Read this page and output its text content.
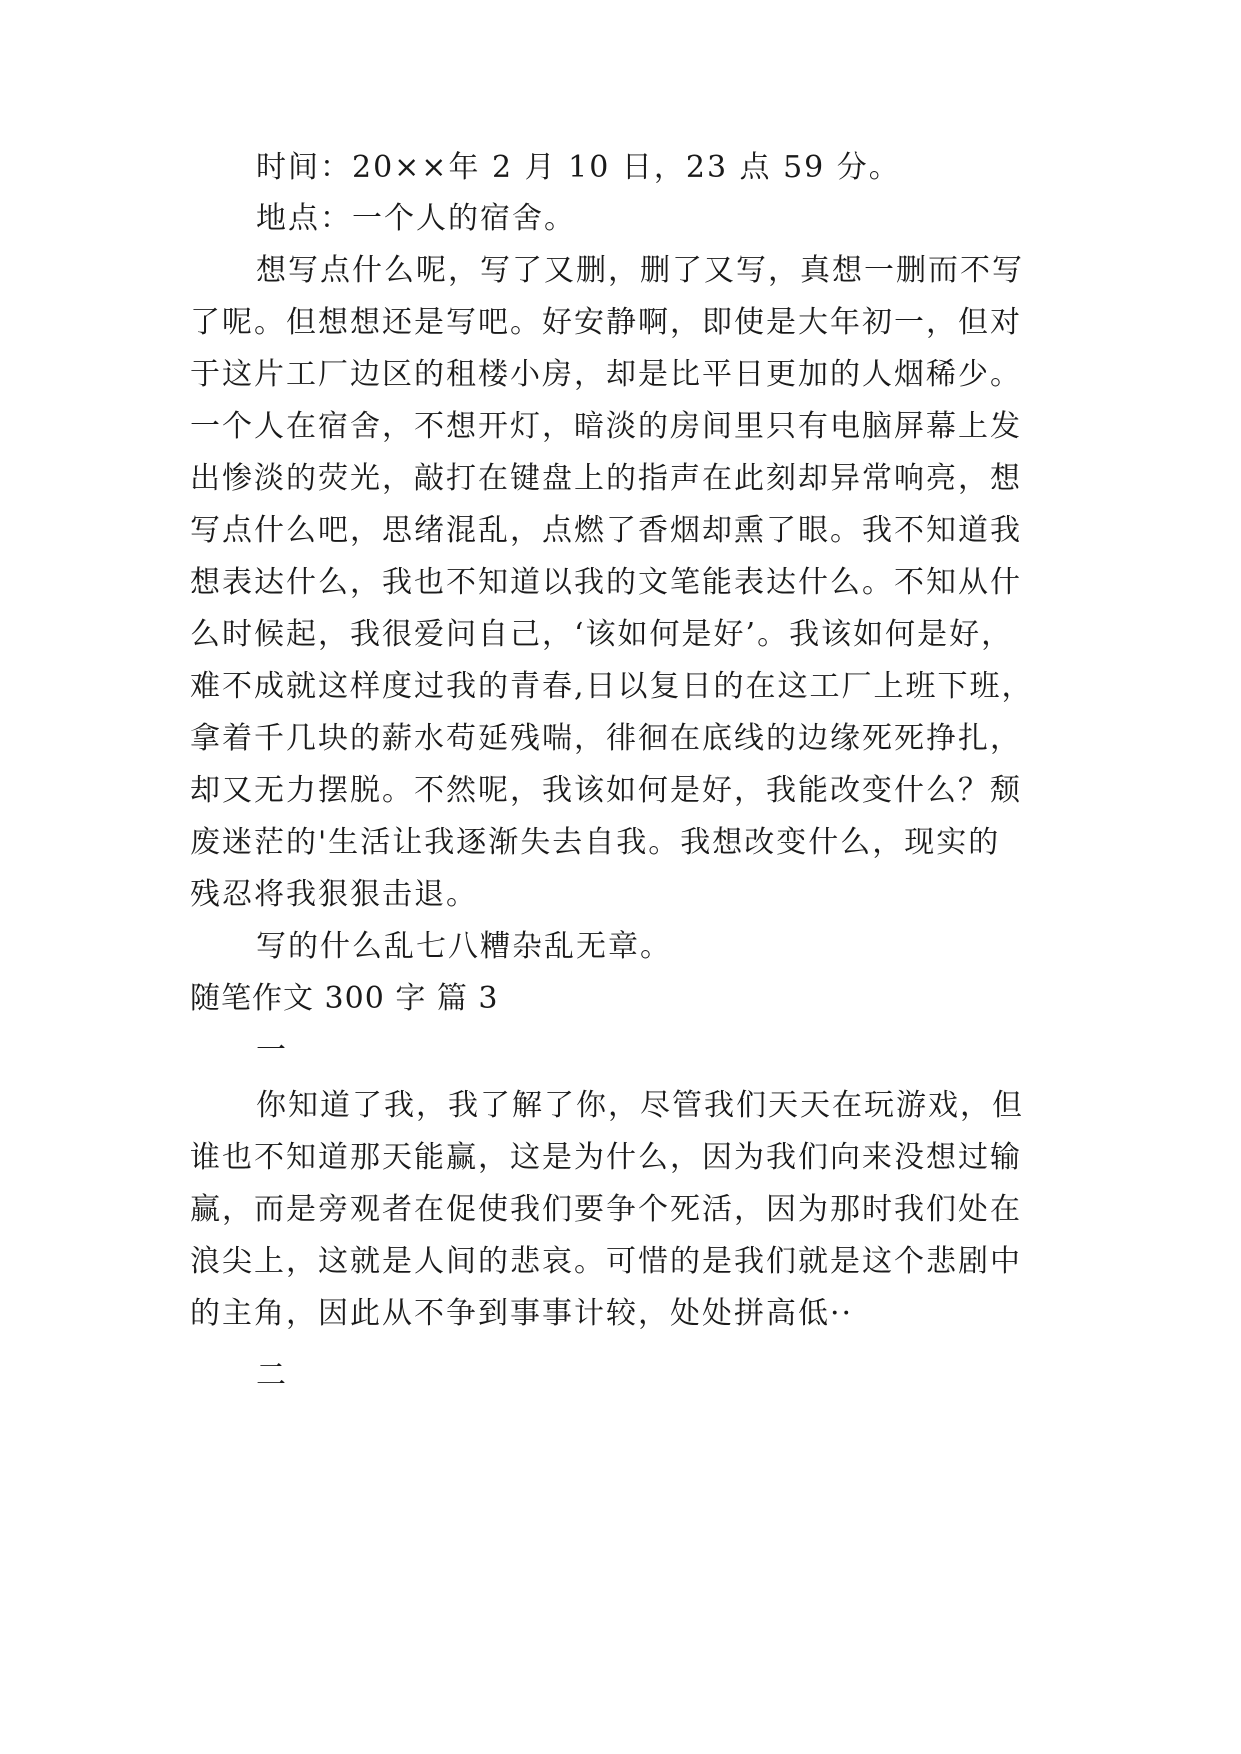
时间：20××年 2 月 10 日，23 点 59 分。
地点：一个人的宿舍。
想写点什么呢，写了又删，删了又写，真想一删而不写
了呢。但想想还是写吧。好安静啊，即使是大年初一，但对
于这片工厂边区的租楼小房，却是比平日更加的人烟稀少。
一个人在宿舍，不想开灯，暗淡的房间里只有电脑屏幕上发
出惨淡的荧光，敲打在键盘上的指声在此刻却异常响亮，想
写点什么吧，思绪混乱，点燃了香烟却熏了眼。我不知道我
想表达什么，我也不知道以我的文笔能表达什么。不知从什
么时候起，我很爱问自己，‘该如何是好’。我该如何是好，
难不成就这样度过我的青春,日以复日的在这工厂上班下班，
拿着千几块的薪水苟延残喘，徘徊在底线的边缘死死挣扎，
却又无力摆脱。不然呢，我该如何是好，我能改变什么？颓
废迷茫的'生活让我逐渐失去自我。我想改变什么，现实的
残忍将我狠狠击退。
写的什么乱七八糟杂乱无章。
随笔作文 300 字 篇 3
一
你知道了我，我了解了你，尽管我们天天在玩游戏，但
谁也不知道那天能赢，这是为什么，因为我们向来没想过输
赢，而是旁观者在促使我们要争个死活，因为那时我们处在
浪尖上，这就是人间的悲哀。可惜的是我们就是这个悲剧中
的主角，因此从不争到事事计较，处处拼高低··
二
